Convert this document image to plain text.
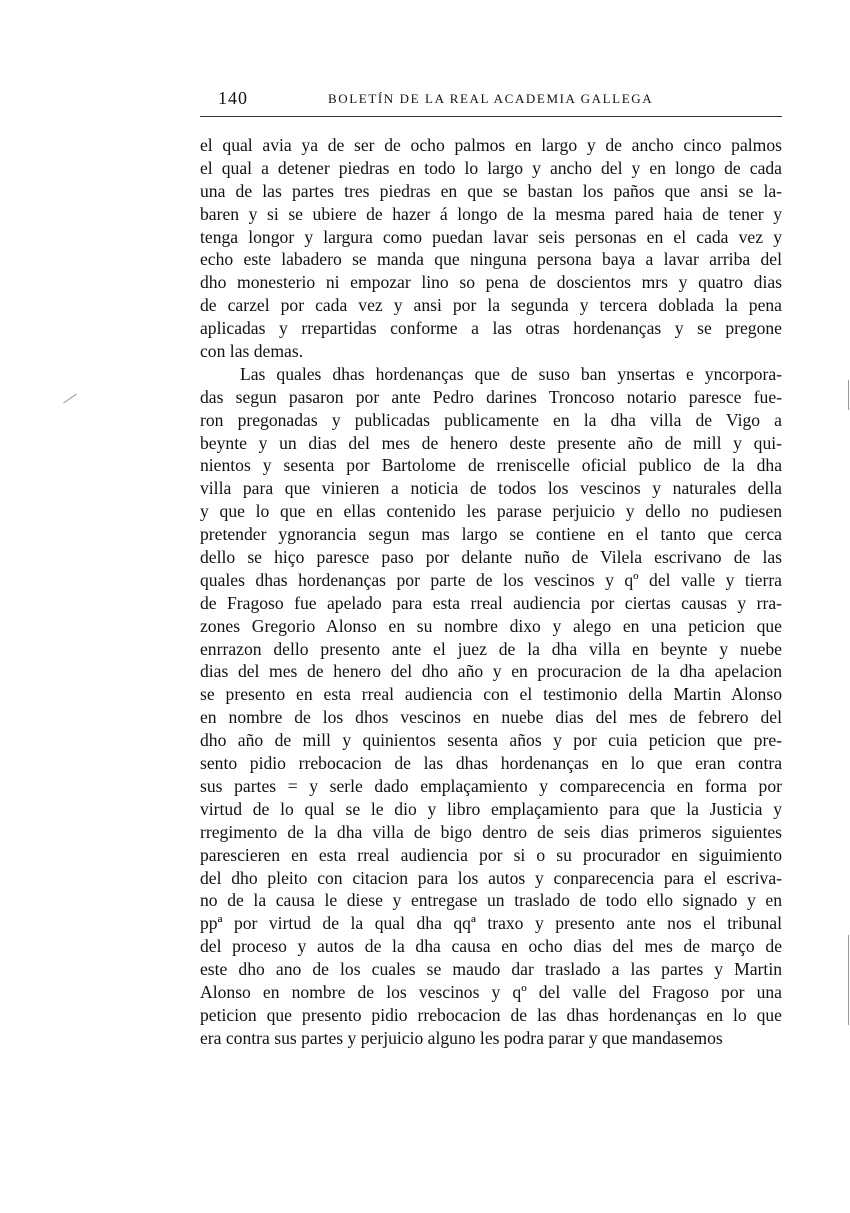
140	BOLETÍN DE LA REAL ACADEMIA GALLEGA
el qual avia ya de ser de ocho palmos en largo y de ancho cinco palmos
el qual a detener piedras en todo lo largo y ancho del y en longo de cada
una de las partes tres piedras en que se bastan los paños que ansi se la-
baren y si se ubiere de hazer á longo de la mesma pared haia de tener y
tenga longor y largura como puedan lavar seis personas en el cada vez y
echo este labadero se manda que ninguna persona baya a lavar arriba del
dho monesterio ni empozar lino so pena de doscientos mrs y quatro dias
de carzel por cada vez y ansi por la segunda y tercera doblada la pena
aplicadas y rrepartidas conforme a las otras hordenanças y se pregone
con las demas.
Las quales dhas hordenanças que de suso ban ynsertas e yncorpora-
das segun pasaron por ante Pedro darines Troncoso notario paresce fue-
ron pregonadas y publicadas publicamente en la dha villa de Vigo a
beynte y un dias del mes de henero deste presente año de mill y qui-
nientos y sesenta por Bartolome de rreniscelle oficial publico de la dha
villa para que vinieren a noticia de todos los vescinos y naturales della
y que lo que en ellas contenido les parase perjuicio y dello no pudiesen
pretender ygnorancia segun mas largo se contiene en el tanto que cerca
dello se hiço paresce paso por delante nuño de Vilela escrivano de las
quales dhas hordenanças por parte de los vescinos y qº del valle y tierra
de Fragoso fue apelado para esta rreal audiencia por ciertas causas y rra-
zones Gregorio Alonso en su nombre dixo y alego en una peticion que
enrrazon dello presento ante el juez de la dha villa en beynte y nuebe
dias del mes de henero del dho año y en procuracion de la dha apelacion
se presento en esta rreal audiencia con el testimonio della Martin Alonso
en nombre de los dhos vescinos en nuebe dias del mes de febrero del
dho año de mill y quinientos sesenta años y por cuia peticion que pre-
sento pidio rrebocacion de las dhas hordenanças en lo que eran contra
sus partes = y serle dado emplaçamiento y comparecencia en forma por
virtud de lo qual se le dio y libro emplaçamiento para que la Justicia y
rregimento de la dha villa de bigo dentro de seis dias primeros siguientes
parescieren en esta rreal audiencia por si o su procurador en siguimiento
del dho pleito con citacion para los autos y conparecencia para el escriva-
no de la causa le diese y entregase un traslado de todo ello signado y en
ppª por virtud de la qual dha qqª traxo y presento ante nos el tribunal
del proceso y autos de la dha causa en ocho dias del mes de março de
este dho ano de los cuales se maudo dar traslado a las partes y Martin
Alonso en nombre de los vescinos y qº del valle del Fragoso por una
peticion que presento pidio rrebocacion de las dhas hordenanças en lo que
era contra sus partes y perjuicio alguno les podra parar y que mandasemos
